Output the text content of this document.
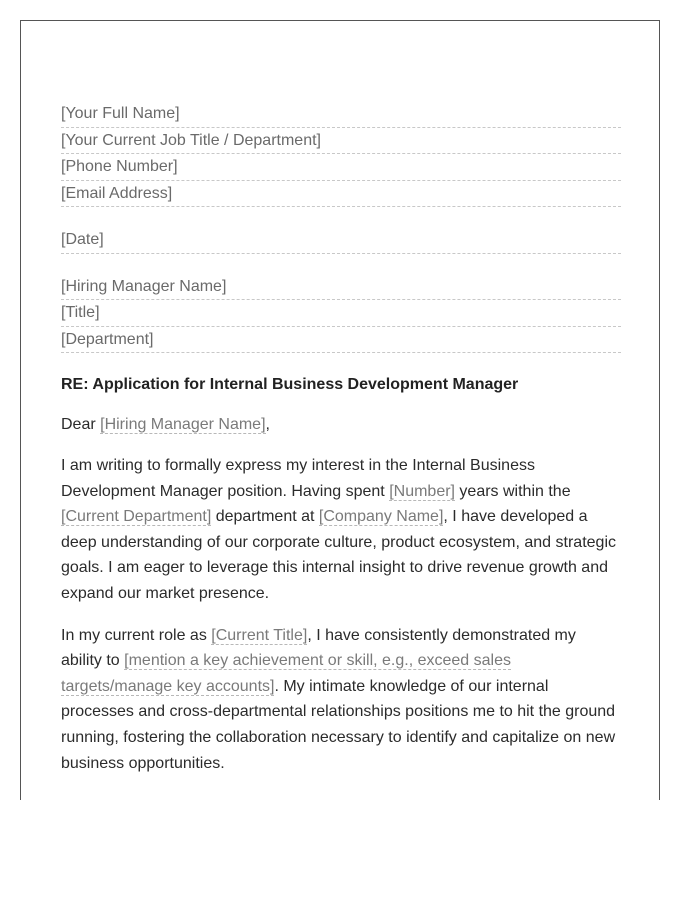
[Your Full Name]
[Your Current Job Title / Department]
[Phone Number]
[Email Address]
[Date]
[Hiring Manager Name]
[Title]
[Department]
RE: Application for Internal Business Development Manager
Dear [Hiring Manager Name],

I am writing to formally express my interest in the Internal Business Development Manager position. Having spent [Number] years within the [Current Department] department at [Company Name], I have developed a deep understanding of our corporate culture, product ecosystem, and strategic goals. I am eager to leverage this internal insight to drive revenue growth and expand our market presence.

In my current role as [Current Title], I have consistently demonstrated my ability to [mention a key achievement or skill, e.g., exceed sales targets/manage key accounts]. My intimate knowledge of our internal processes and cross-departmental relationships positions me to hit the ground running, fostering the collaboration necessary to identify and capitalize on new business opportunities.
